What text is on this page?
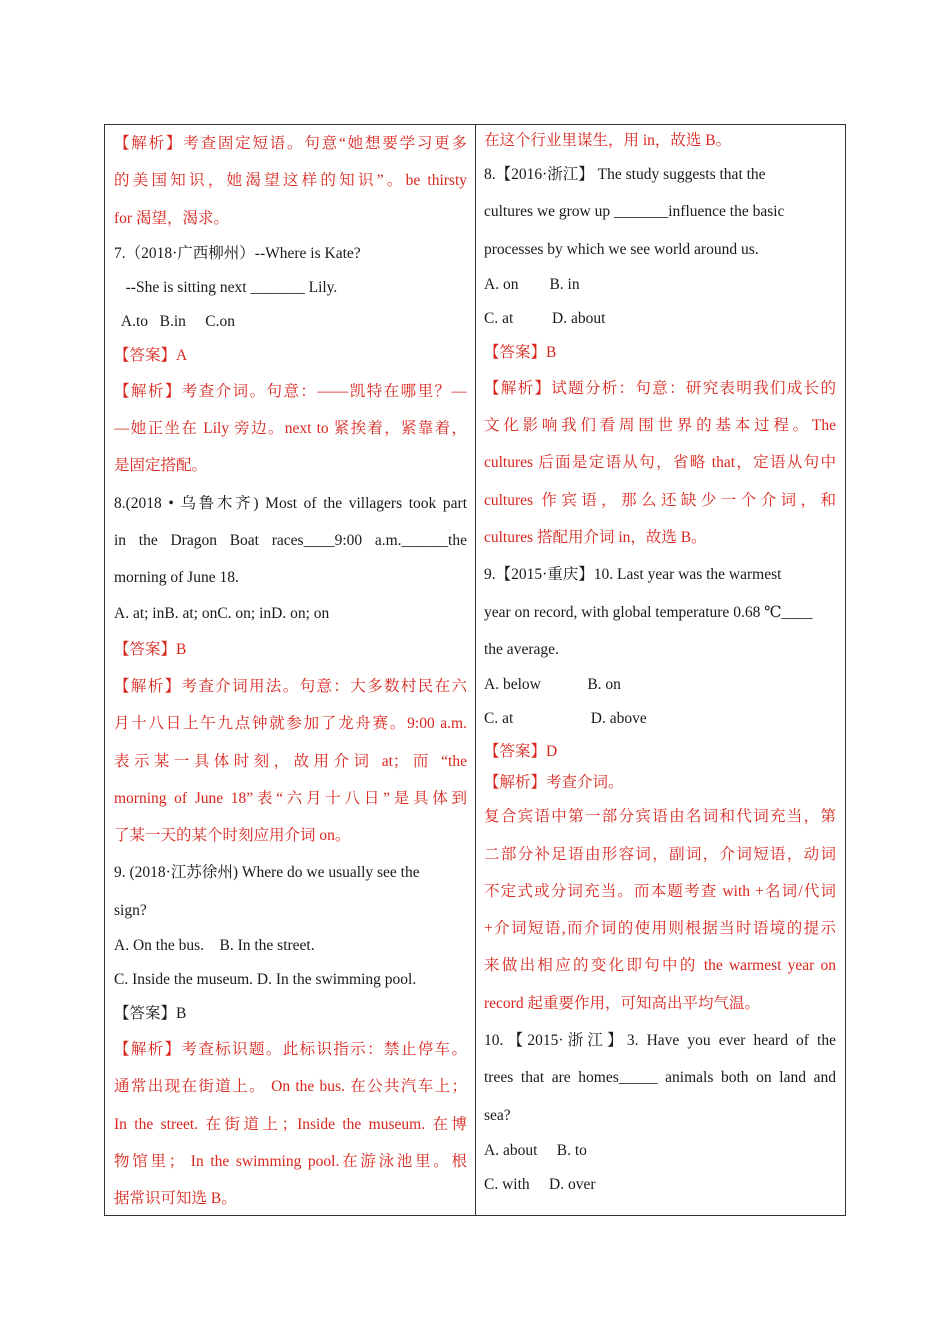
【解析】考查固定短语。句意“她想要学习更多
的美国知识，她渴望这样的知识”。be thirsty
for 渴望，渴求。
7.（2018·广西柳州）--Where is Kate?
--She is sitting next _______ Lily.
A.to   B.in     C.on
【答案】A
【解析】考查介词。句意：——凯特在哪里？—
—她正坐在 Lily 旁边。next to 紧挨着，紧靠着，
是固定搭配。
8.(2018 • 乌鲁木齐) Most of the villagers took part
in the Dragon Boat races____9:00 a.m.______the
morning of June 18.
A. at; inB. at; onC. on; inD. on; on
【答案】B
【解析】考查介词用法。句意：大多数村民在六
月十八日上午九点钟就参加了龙舟赛。9:00 a.m.
表示某一具体时刻，故用介词 at；而 “the
morning of June 18”表“六月十八日”是具体到
了某一天的某个时刻应用介词 on。
9. (2018·江苏徐州) Where do we usually see the
sign?
A. On the bus.    B. In the street.
C. Inside the museum. D. In the swimming pool.
【答案】B
【解析】考查标识题。此标识指示：禁止停车。
通常出现在街道上。 On the bus. 在公共汽车上；
In the street. 在街道上；Inside the museum. 在博
物馆里； In the swimming pool.在游泳池里。根
据常识可知选 B。
在这个行业里谋生，用 in，故选 B。
8.【2016·浙江】 The study suggests that the
cultures we grow up _______influence the basic
processes by which we see world around us.
A. on        B. in
C. at          D. about
【答案】B
【解析】试题分析：句意：研究表明我们成长的
文化影响我们看周围世界的基本过程。The
cultures 后面是定语从句，省略 that，定语从句中
cultures 作宾语，那么还缺少一个介词，和
cultures 搭配用介词 in，故选 B。
9.【2015·重庆】10. Last year was the warmest
year on record, with global temperature 0.68 ℃____
the average.
A. below            B. on
C. at                    D. above
【答案】D
【解析】考查介词。
复合宾语中第一部分宾语由名词和代词充当，第
二部分补足语由形容词，副词，介词短语，动词
不定式或分词充当。而本题考查 with +名词/代词
+介词短语,而介词的使用则根据当时语境的提示
来做出相应的变化即句中的 the warmest year on
record 起重要作用，可知高出平均气温。
10.【2015·浙江】3. Have you ever heard of the
trees that are homes_____ animals both on land and
sea?
A. about     B. to
C. with     D. over
